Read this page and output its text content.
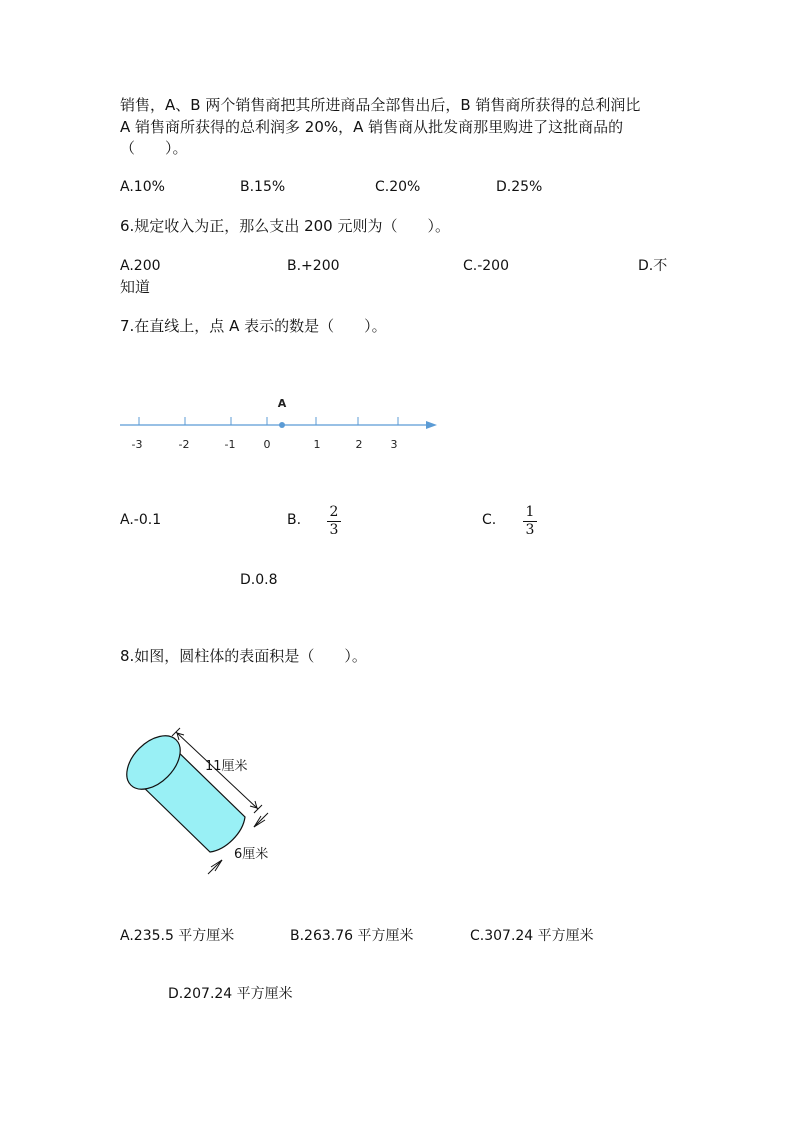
销售，A、B 两个销售商把其所进商品全部售出后，B 销售商所获得的总利润比
A 销售商所获得的总利润多 20%，A 销售商从批发商那里购进了这批商品的
（　　）。
A.10%	B.15%	C.20%	D.25%
6.规定收入为正，那么支出 200 元则为（　　）。
A.200	B.+200	C.-200	D.不
知道
7.在直线上，点 A 表示的数是（　　）。
A
-3	-2	-1	0	1	2	3
A.-0.1	B. $\frac{2}{3}$	C. $\frac{1}{3}$
D.0.8
8.如图，圆柱体的表面积是（　　）。
11厘米
6厘米
A.235.5 平方厘米	B.263.76 平方厘米	C.307.24 平方厘米
D.207.24 平方厘米
